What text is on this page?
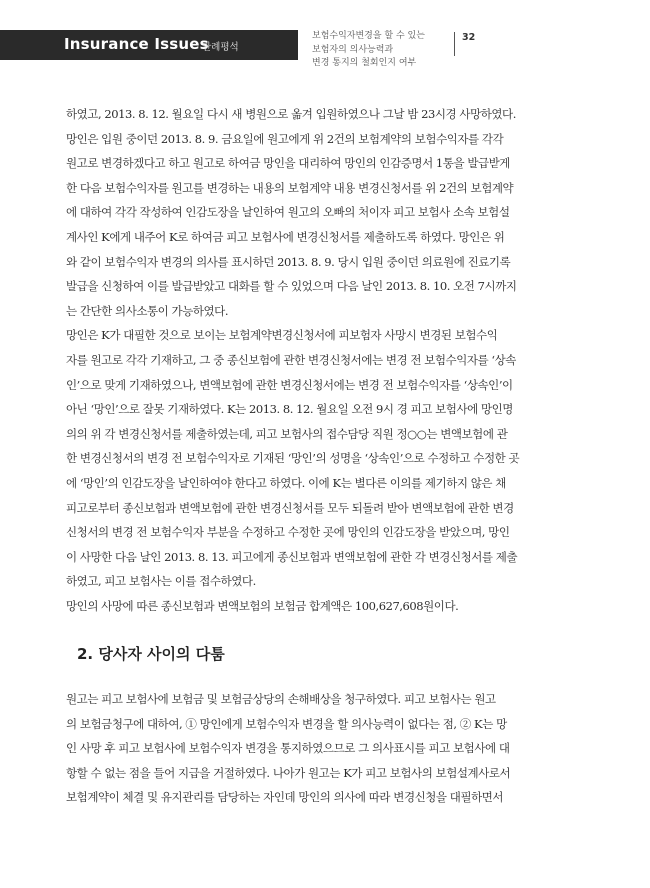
Insurance Issues
판례평석
보험수익자변경을 할 수 있는
보험자의 의사능력과
변경 통지의 철회인지 여부
32
하였고, 2013. 8. 12. 월요일 다시 새 병원으로 옮겨 입원하였으나 그날 밤 23시경 사망하였다.
망인은 입원 중이던 2013. 8. 9. 금요일에 원고에게 위 2건의 보험계약의 보험수익자를 각각
원고로 변경하겠다고 하고 원고로 하여금 망인을 대리하여 망인의 인감증명서 1통을 발급받게
한 다음 보험수익자를 원고를 변경하는 내용의 보험계약 내용 변경신청서를 위 2건의 보험계약
에 대하여 각각 작성하여 인감도장을 날인하여 원고의 오빠의 처이자 피고 보험사 소속 보험설
계사인 K에게 내주어 K로 하여금 피고 보험사에 변경신청서를 제출하도록 하였다. 망인은 위
와 같이 보험수익자 변경의 의사를 표시하던 2013. 8. 9. 당시 입원 중이던 의료원에 진료기록
발급을 신청하여 이를 발급받았고 대화를 할 수 있었으며 다음 날인 2013. 8. 10. 오전 7시까지
는 간단한 의사소통이 가능하였다.
망인은 K가 대필한 것으로 보이는 보험계약변경신청서에 피보험자 사망시 변경된 보험수익
자를 원고로 각각 기재하고, 그 중 종신보험에 관한 변경신청서에는 변경 전 보험수익자를 ‘상속
인’으로 맞게 기재하였으나, 변액보험에 관한 변경신청서에는 변경 전 보험수익자를 ‘상속인’이
아닌 ‘망인’으로 잘못 기재하였다. K는 2013. 8. 12. 월요일 오전 9시 경 피고 보험사에 망인명
의의 위 각 변경신청서를 제출하였는데, 피고 보험사의 접수담당 직원 정○○는 변액보험에 관
한 변경신청서의 변경 전 보험수익자로 기재된 ‘망인’의 성명을 ‘상속인’으로 수정하고 수정한 곳
에 ‘망인’의 인감도장을 날인하여야 한다고 하였다. 이에 K는 별다른 이의를 제기하지 않은 채
피고로부터 종신보험과 변액보험에 관한 변경신청서를 모두 되돌려 받아 변액보험에 관한 변경
신청서의 변경 전 보험수익자 부분을 수정하고 수정한 곳에 망인의 인감도장을 받았으며, 망인
이 사망한 다음 날인 2013. 8. 13. 피고에게 종신보험과 변액보험에 관한 각 변경신청서를 제출
하였고, 피고 보험사는 이를 접수하였다.
망인의 사망에 따른 종신보험과 변액보험의 보험금 합계액은 100,627,608원이다.
2. 당사자 사이의 다툼
원고는 피고 보험사에 보험금 및 보험금상당의 손해배상을 청구하였다. 피고 보험사는 원고
의 보험금청구에 대하여, ① 망인에게 보험수익자 변경을 할 의사능력이 없다는 점, ② K는 망
인 사망 후 피고 보험사에 보험수익자 변경을 통지하였으므로 그 의사표시를 피고 보험사에 대
항할 수 없는 점을 들어 지급을 거절하였다. 나아가 원고는 K가 피고 보험사의 보험설계사로서
보험계약이 체결 및 유지관리를 담당하는 자인데 망인의 의사에 따라 변경신청을 대필하면서
